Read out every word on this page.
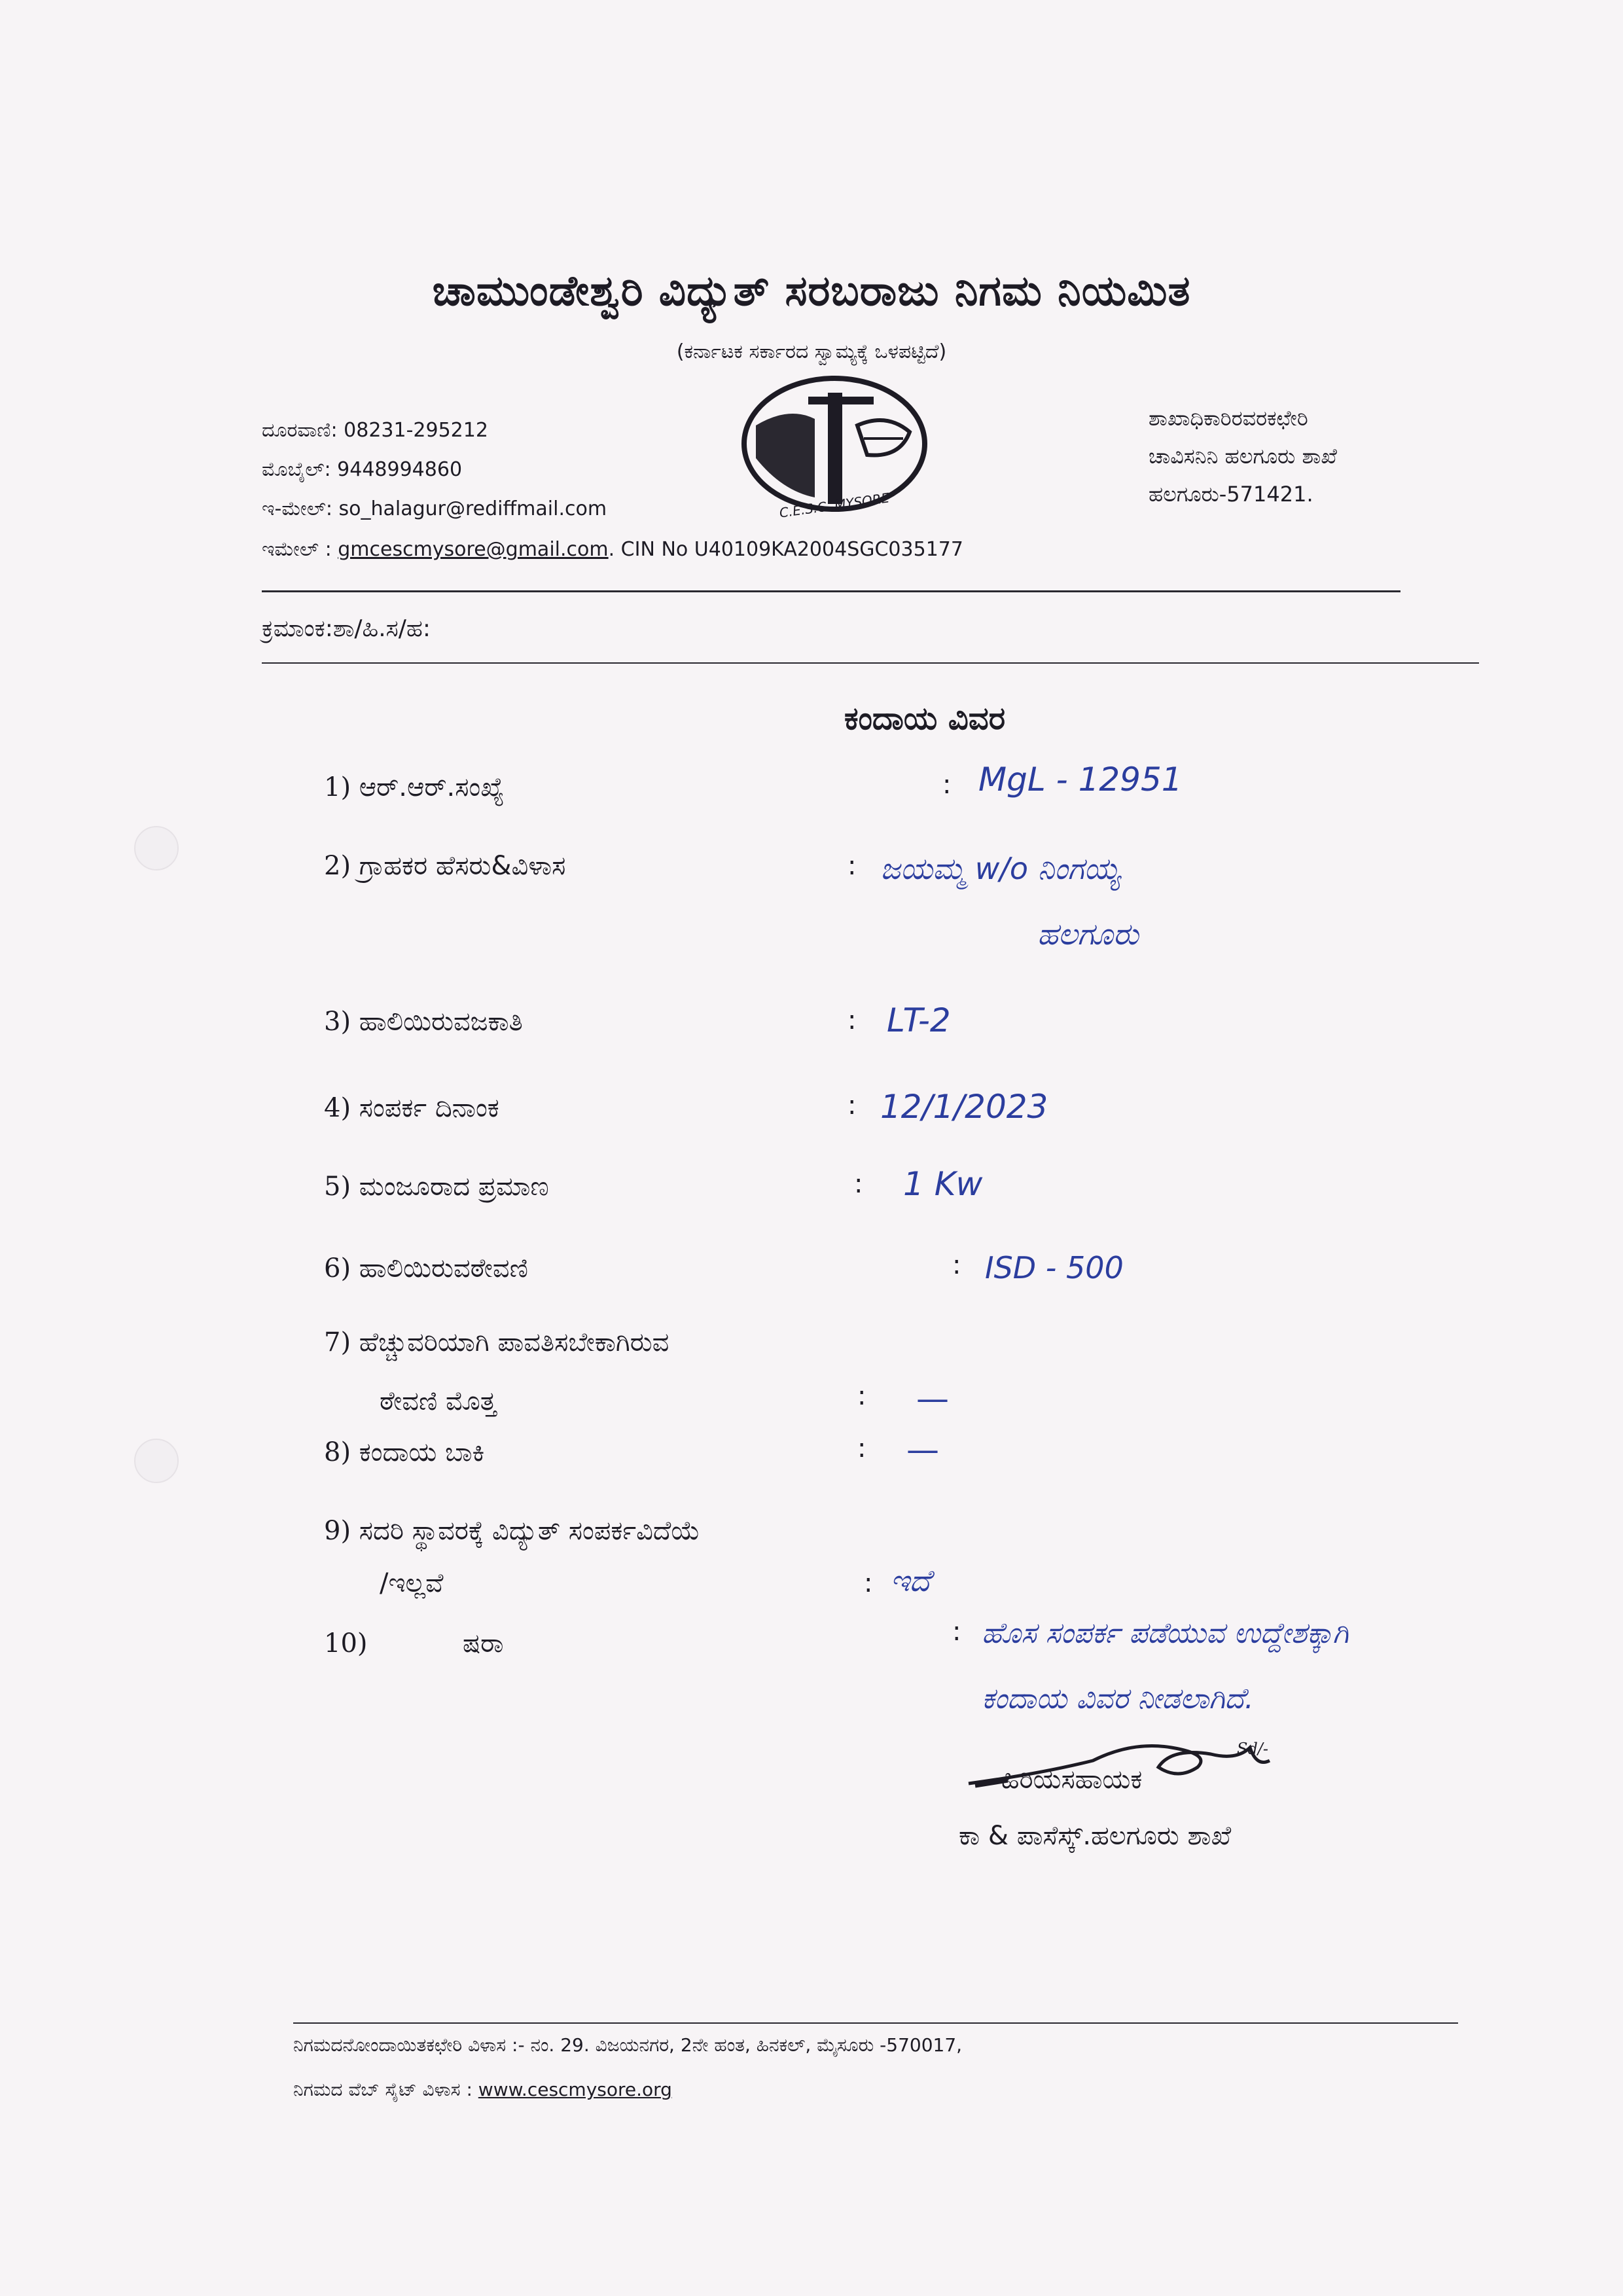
ಚಾಮುಂಡೇಶ್ವರಿ ವಿದ್ಯುತ್ ಸರಬರಾಜು ನಿಗಮ ನಿಯಮಿತ
(ಕರ್ನಾಟಕ ಸರ್ಕಾರದ ಸ್ವಾಮ್ಯಕ್ಕೆ ಒಳಪಟ್ಟಿದೆ)
C.E.S.C. MYSORE
ದೂರವಾಣಿ: 08231-295212
ಮೊಬೈಲ್: 9448994860
ಇ-ಮೇಲ್: so_halagur@rediffmail.com
ಇಮೇಲ್ : gmcescmysore@gmail.com. CIN No U40109KA2004SGC035177
ಶಾಖಾಧಿಕಾರಿರವರಕಛೇರಿ
ಚಾವಿಸನಿನಿ ಹಲಗೂರು ಶಾಖೆ
ಹಲಗೂರು-571421.
ಕ್ರಮಾಂಕ:ಶಾ/ಹಿ.ಸ/ಹ:
ಕಂದಾಯ ವಿವರ
1) ಆರ್.ಆರ್.ಸಂಖ್ಯೆ	: MgL - 12951
2) ಗ್ರಾಹಕರ ಹೆಸರು&ವಿಳಾಸ	: ಜಯಮ್ಮ w/o ನಿಂಗಯ್ಯ
ಹಲಗೂರು
3) ಹಾಲಿಯಿರುವಜಕಾತಿ	: LT-2
4) ಸಂಪರ್ಕ ದಿನಾಂಕ	: 12/1/2023
5) ಮಂಜೂರಾದ ಪ್ರಮಾಣ	: 1 Kw
6) ಹಾಲಿಯಿರುವಠೇವಣಿ	: ISD - 500
7) ಹೆಚ್ಚುವರಿಯಾಗಿ ಪಾವತಿಸಬೇಕಾಗಿರುವ
ಠೇವಣಿ ಮೊತ್ತ	: —
8) ಕಂದಾಯ ಬಾಕಿ	: —
9) ಸದರಿ ಸ್ಥಾವರಕ್ಕೆ ವಿದ್ಯುತ್ ಸಂಪರ್ಕವಿದೆಯೆ
/ಇಲ್ಲವೆ	: ಇದೆ
10)	ಷರಾ	: ಹೊಸ ಸಂಪರ್ಕ ಪಡೆಯುವ ಉದ್ದೇಶಕ್ಕಾಗಿ
ಕಂದಾಯ ವಿವರ ನೀಡಲಾಗಿದೆ.
Sd/-
ಹಿರಿಯಸಹಾಯಕ
ಕಾ & ಪಾಸೆಸ್ಕ್.ಹಲಗೂರು ಶಾಖೆ
ನಿಗಮದನೋಂದಾಯಿತಕಛೇರಿ ವಿಳಾಸ :- ನಂ. 29. ವಿಜಯನಗರ, 2ನೇ ಹಂತ, ಹಿನಕಲ್, ಮೈಸೂರು -570017,
ನಿಗಮದ ವೆಬ್ ಸೈಟ್ ವಿಳಾಸ : www.cescmysore.org
